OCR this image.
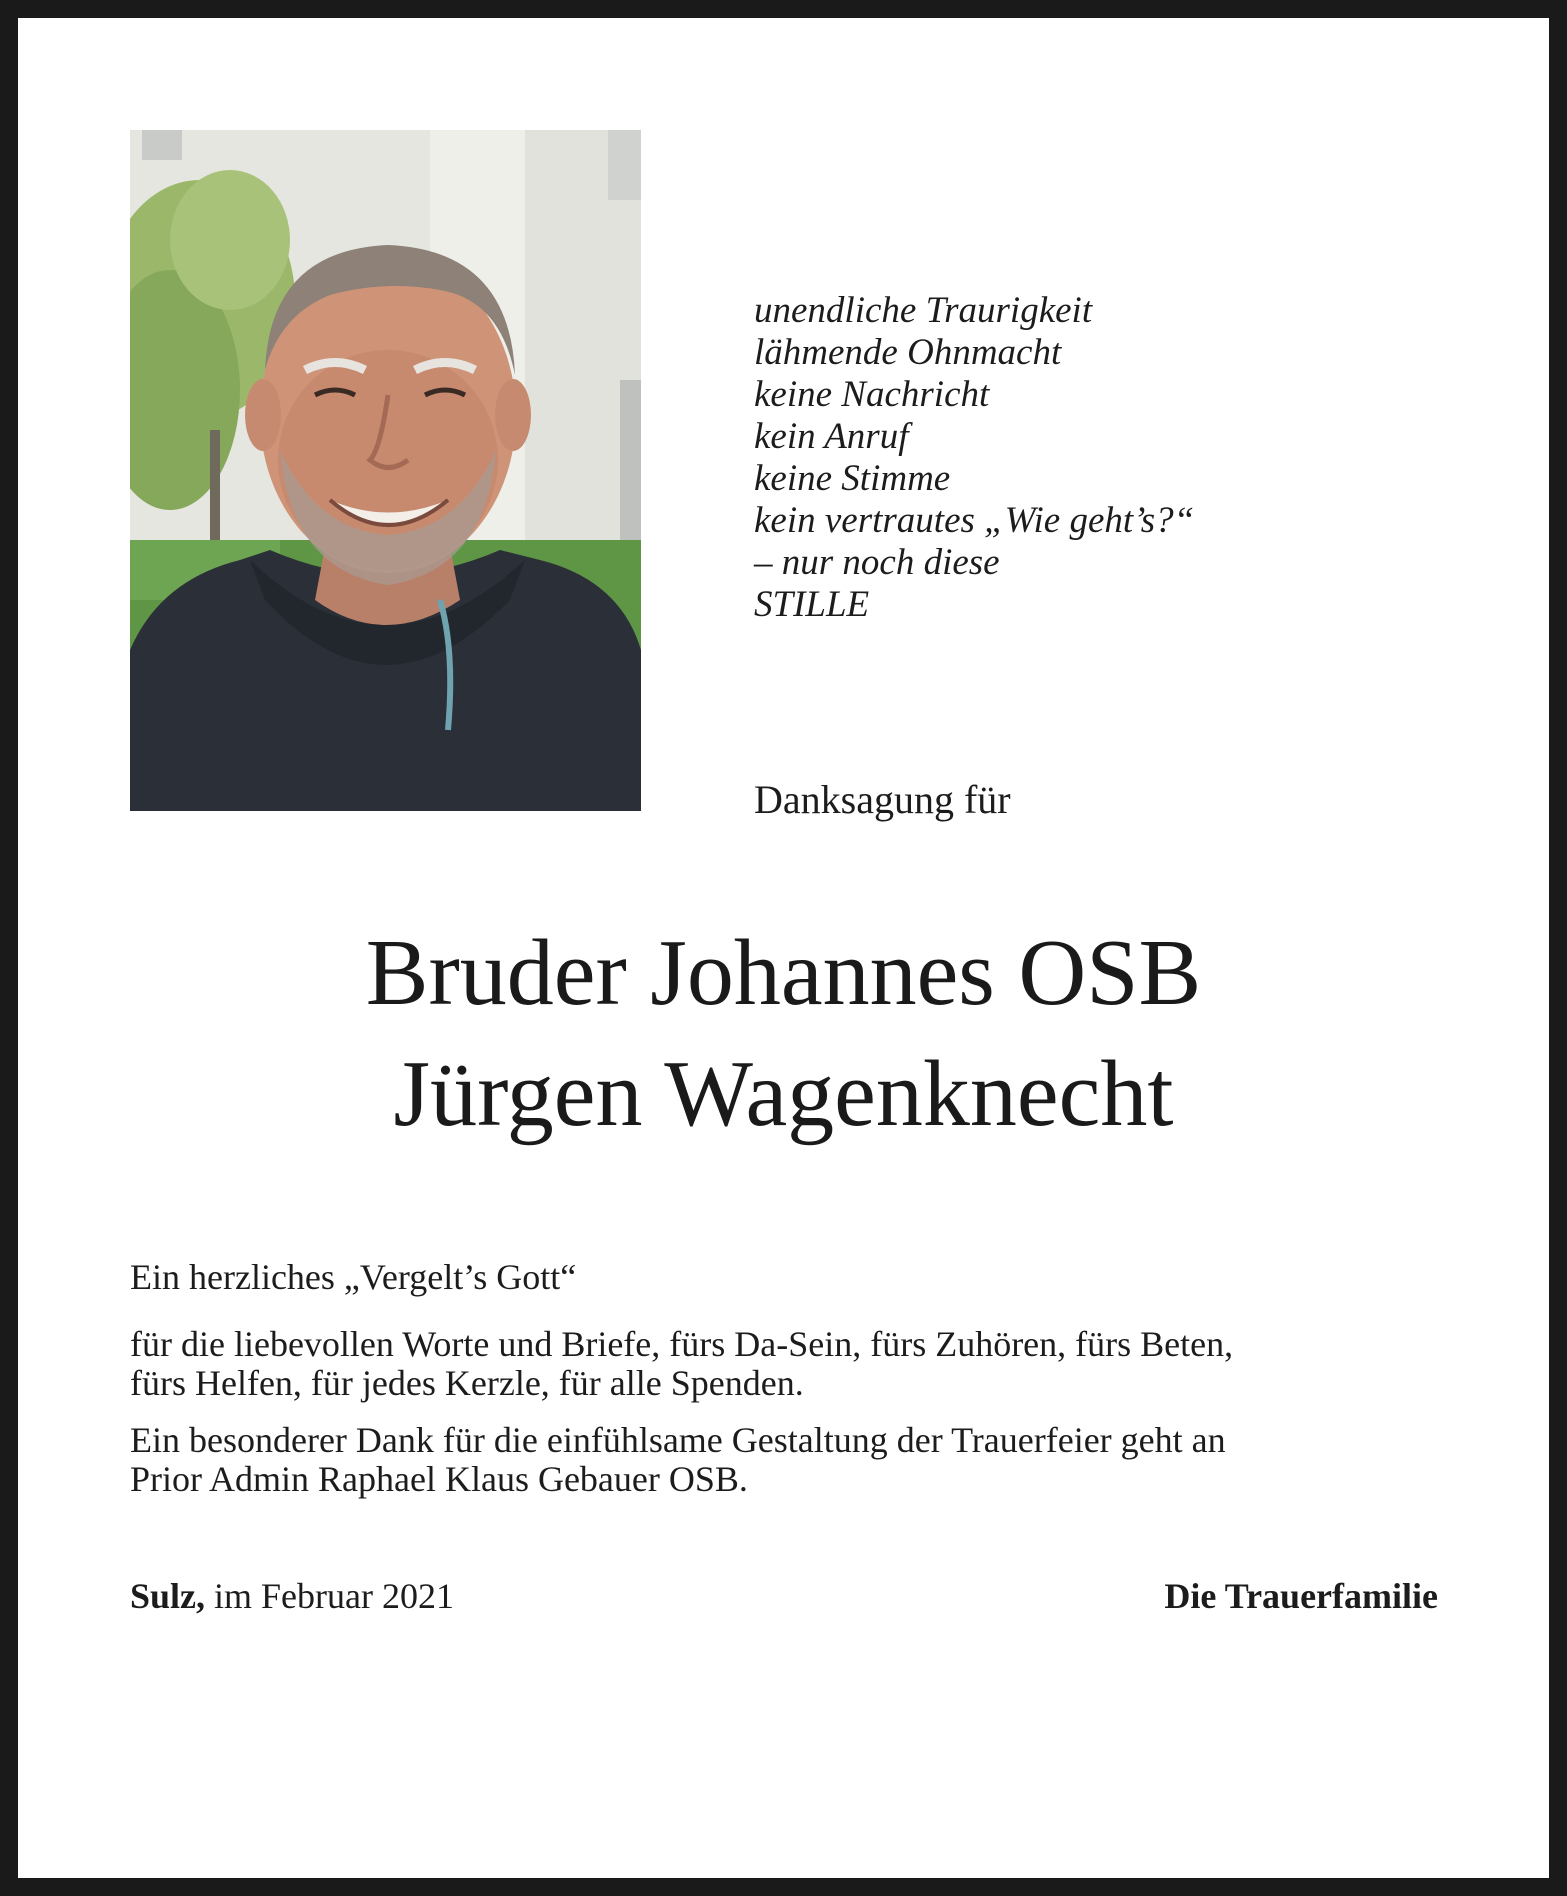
unendliche Traurigkeit
lähmende Ohnmacht
keine Nachricht
kein Anruf
keine Stimme
kein vertrautes „Wie geht’s?“
– nur noch diese
STILLE
Danksagung für
Bruder Johannes OSB
Jürgen Wagenknecht
Ein herzliches „Vergelt’s Gott“
für die liebevollen Worte und Briefe, fürs Da-Sein, fürs Zuhören, fürs Beten,
fürs Helfen, für jedes Kerzle, für alle Spenden.
Ein besonderer Dank für die einfühlsame Gestaltung der Trauerfeier geht an
Prior Admin Raphael Klaus Gebauer OSB.
Sulz, im Februar 2021	Die Trauerfamilie
